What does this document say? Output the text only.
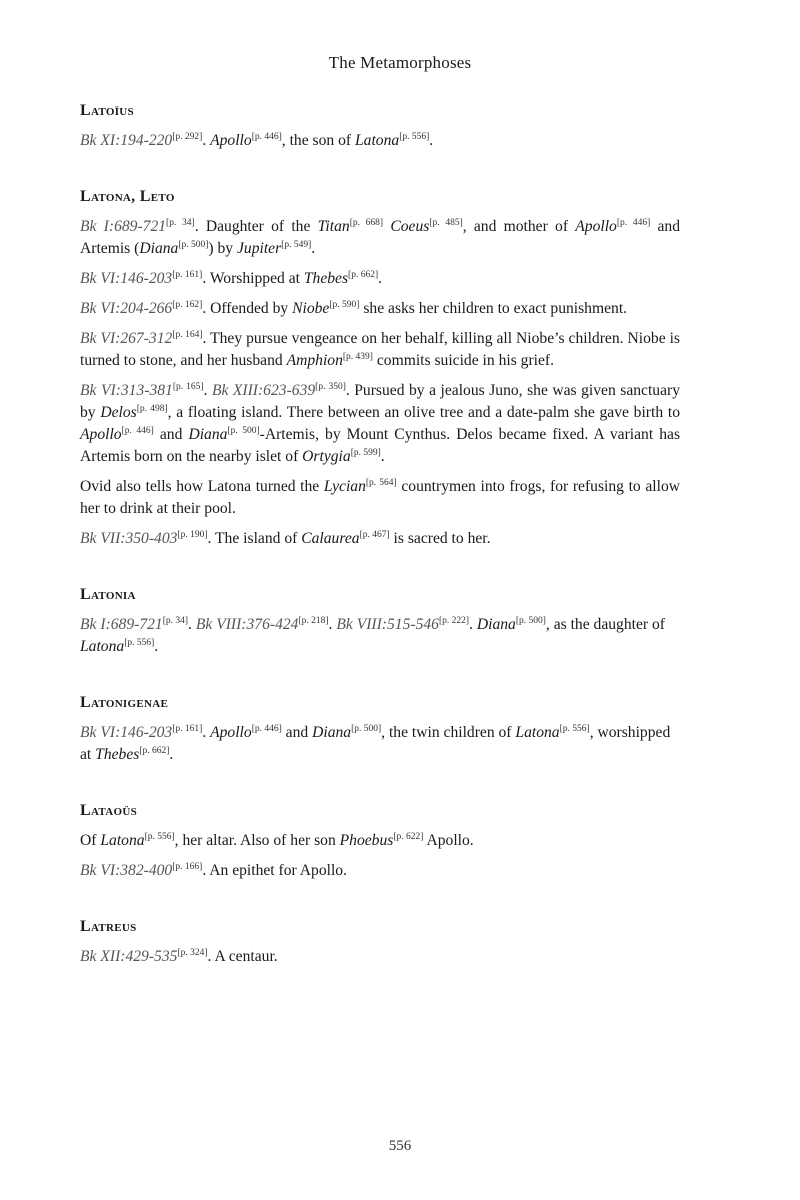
The Metamorphoses
Latoïus
Bk XI:194-220[p. 292]. Apollo[p. 446], the son of Latona[p. 556].
Latona, Leto
Bk I:689-721[p. 34]. Daughter of the Titan[p. 668] Coeus[p. 485], and mother of Apollo[p. 446] and Artemis (Diana[p. 500]) by Jupiter[p. 549].
Bk VI:146-203[p. 161]. Worshipped at Thebes[p. 662].
Bk VI:204-266[p. 162]. Offended by Niobe[p. 590] she asks her children to exact punishment.
Bk VI:267-312[p. 164]. They pursue vengeance on her behalf, killing all Niobe’s children. Niobe is turned to stone, and her husband Amphion[p. 439] commits suicide in his grief.
Bk VI:313-381[p. 165]. Bk XIII:623-639[p. 350]. Pursued by a jealous Juno, she was given sanctuary by Delos[p. 498], a floating island. There between an olive tree and a date-palm she gave birth to Apollo[p. 446] and Diana[p. 500]-Artemis, by Mount Cynthus. Delos became fixed. A variant has Artemis born on the nearby islet of Ortygia[p. 599].
Ovid also tells how Latona turned the Lycian[p. 564] countrymen into frogs, for refusing to allow her to drink at their pool.
Bk VII:350-403[p. 190]. The island of Calaurea[p. 467] is sacred to her.
Latonia
Bk I:689-721[p. 34]. Bk VIII:376-424[p. 218]. Bk VIII:515-546[p. 222]. Diana[p. 500], as the daughter of Latona[p. 556].
Latonigenae
Bk VI:146-203[p. 161]. Apollo[p. 446] and Diana[p. 500], the twin children of Latona[p. 556], worshipped at Thebes[p. 662].
Lataoüs
Of Latona[p. 556], her altar. Also of her son Phoebus[p. 622] Apollo.
Bk VI:382-400[p. 166]. An epithet for Apollo.
Latreus
Bk XII:429-535[p. 324]. A centaur.
556
